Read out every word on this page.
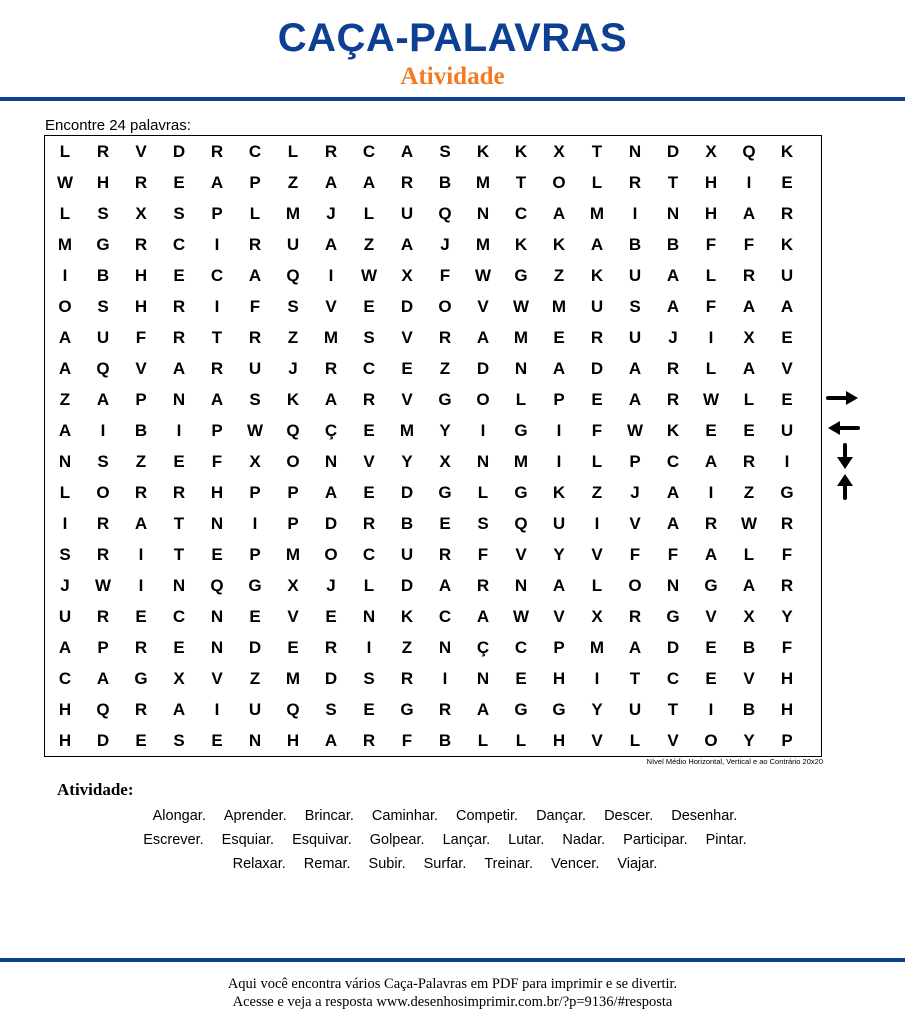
CAÇA-PALAVRAS
Atividade
Encontre 24 palavras:
L	R	V	D	R	C	L	R	C	A	S	K	K	X	T	N	D	X	Q	K
W	H	R	E	A	P	Z	A	A	R	B	M	T	O	L	R	T	H	I	E
L	S	X	S	P	L	M	J	L	U	Q	N	C	A	M	I	N	H	A	R
M	G	R	C	I	R	U	A	Z	A	J	M	K	K	A	B	B	F	F	K
I	B	H	E	C	A	Q	I	W	X	F	W	G	Z	K	U	A	L	R	U
O	S	H	R	I	F	S	V	E	D	O	V	W	M	U	S	A	F	A	A
A	U	F	R	T	R	Z	M	S	V	R	A	M	E	R	U	J	I	X	E
A	Q	V	A	R	U	J	R	C	E	Z	D	N	A	D	A	R	L	A	V
Z	A	P	N	A	S	K	A	R	V	G	O	L	P	E	A	R	W	L	E
A	I	B	I	P	W	Q	Ç	E	M	Y	I	G	I	F	W	K	E	E	U
N	S	Z	E	F	X	O	N	V	Y	X	N	M	I	L	P	C	A	R	I
L	O	R	R	H	P	P	A	E	D	G	L	G	K	Z	J	A	I	Z	G
I	R	A	T	N	I	P	D	R	B	E	S	Q	U	I	V	A	R	W	R
S	R	I	T	E	P	M	O	C	U	R	F	V	Y	V	F	F	A	L	F
J	W	I	N	Q	G	X	J	L	D	A	R	N	A	L	O	N	G	A	R
U	R	E	C	N	E	V	E	N	K	C	A	W	V	X	R	G	V	X	Y
A	P	R	E	N	D	E	R	I	Z	N	Ç	C	P	M	A	D	E	B	F
C	A	G	X	V	Z	M	D	S	R	I	N	E	H	I	T	C	E	V	H
H	Q	R	A	I	U	Q	S	E	G	R	A	G	G	Y	U	T	I	B	H
H	D	E	S	E	N	H	A	R	F	B	L	L	H	V	L	V	O	Y	P
Nível Médio Horizontal, Vertical e ao Contrário 20x20
Atividade:
Alongar. Aprender. Brincar. Caminhar. Competir. Dançar. Descer. Desenhar.
Escrever. Esquiar. Esquivar. Golpear. Lançar. Lutar. Nadar. Participar. Pintar.
Relaxar. Remar. Subir. Surfar. Treinar. Vencer. Viajar.
Aqui você encontra vários Caça-Palavras em PDF para imprimir e se divertir.
Acesse e veja a resposta www.desenhosimprimir.com.br/?p=9136/#resposta
